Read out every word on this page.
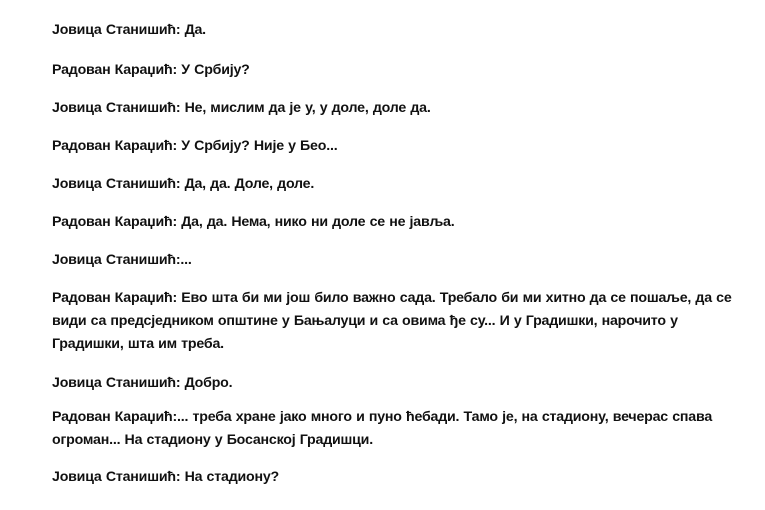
Јовица Станишић: Да.
Радован Караџић: У Србију?
Јовица Станишић: Не, мислим да је у, у доле, доле да.
Радован Караџић: У Србију? Није у Бео...
Јовица Станишић: Да, да. Доле, доле.
Радован Караџић: Да, да. Нема, нико ни доле се не јавља.
Јовица Станишић:...
Радован Караџић: Ево шта би ми још било важно сада. Требало би ми хитно да се пошаље, да се види са предсједником општине у Бањалуци и са овима ђе су... И у Градишки, нарочито у Градишки, шта им треба.
Јовица Станишић: Добро.
Радован Караџић:... треба хране јако много и пуно ћебади. Тамо је, на стадиону, вечерас спава огроман... На стадиону у Босанској Градишци.
Јовица Станишић: На стадиону?
